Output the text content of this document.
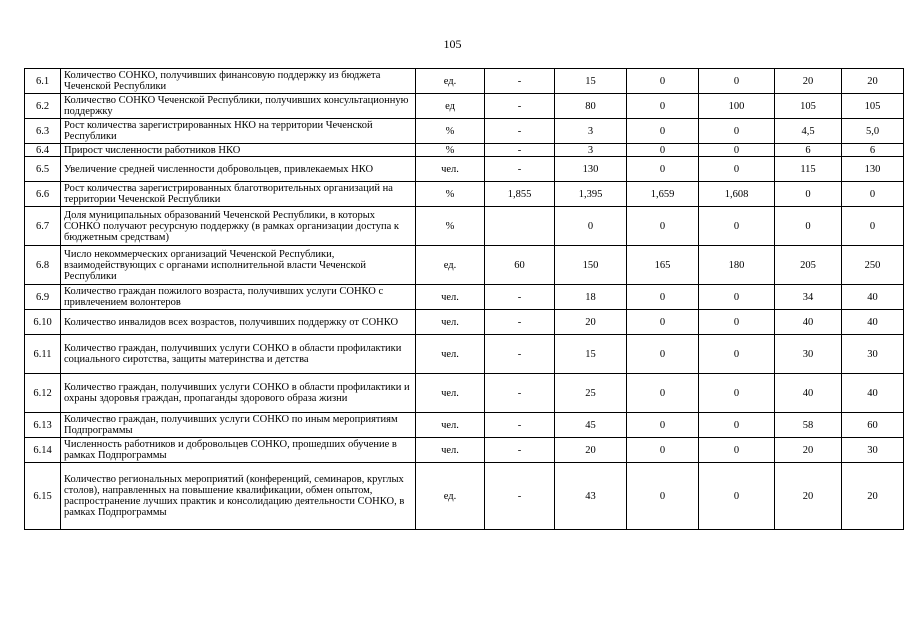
105
6.1	Количество СОНКО, получивших финансовую поддержку из бюджета Чеченской Республики	ед.	-	15	0	0	20	20
6.2	Количество СОНКО Чеченской Республики, получивших консультационную поддержку	ед	-	80	0	100	105	105
6.3	Рост количества зарегистрированных НКО на территории Чеченской Республики	%	-	3	0	0	4,5	5,0
6.4	Прирост численности работников НКО	%	-	3	0	0	6	6
6.5	Увеличение средней численности добровольцев, привлекаемых НКО	чел.	-	130	0	0	115	130
6.6	Рост количества зарегистрированных благотворительных организаций на территории Чеченской Республики	%	1,855	1,395	1,659	1,608	0	0
6.7	Доля муниципальных образований Чеченской Республики, в которых СОНКО получают ресурсную поддержку (в рамках организации доступа к бюджетным средствам)	%		0	0	0	0	0
6.8	Число некоммерческих организаций Чеченской Республики, взаимодействующих с органами исполнительной власти Чеченской Республики	ед.	60	150	165	180	205	250
6.9	Количество граждан пожилого возраста, получивших услуги СОНКО с привлечением волонтеров	чел.	-	18	0	0	34	40
6.10	Количество инвалидов всех возрастов, получивших поддержку от СОНКО	чел.	-	20	0	0	40	40
6.11	Количество граждан, получивших услуги СОНКО в области профилактики социального сиротства, защиты материнства и детства	чел.	-	15	0	0	30	30
6.12	Количество граждан, получивших услуги СОНКО в области профилактики и охраны здоровья граждан, пропаганды здорового образа жизни	чел.	-	25	0	0	40	40
6.13	Количество граждан, получивших услуги СОНКО по иным мероприятиям Подпрограммы	чел.	-	45	0	0	58	60
6.14	Численность работников и добровольцев СОНКО, прошедших обучение в рамках Подпрограммы	чел.	-	20	0	0	20	30
6.15	Количество региональных мероприятий (конференций, семинаров, круглых столов), направленных на повышение квалификации, обмен опытом, распространение лучших практик и консолидацию деятельности СОНКО, в рамках Подпрограммы	ед.	-	43	0	0	20	20
